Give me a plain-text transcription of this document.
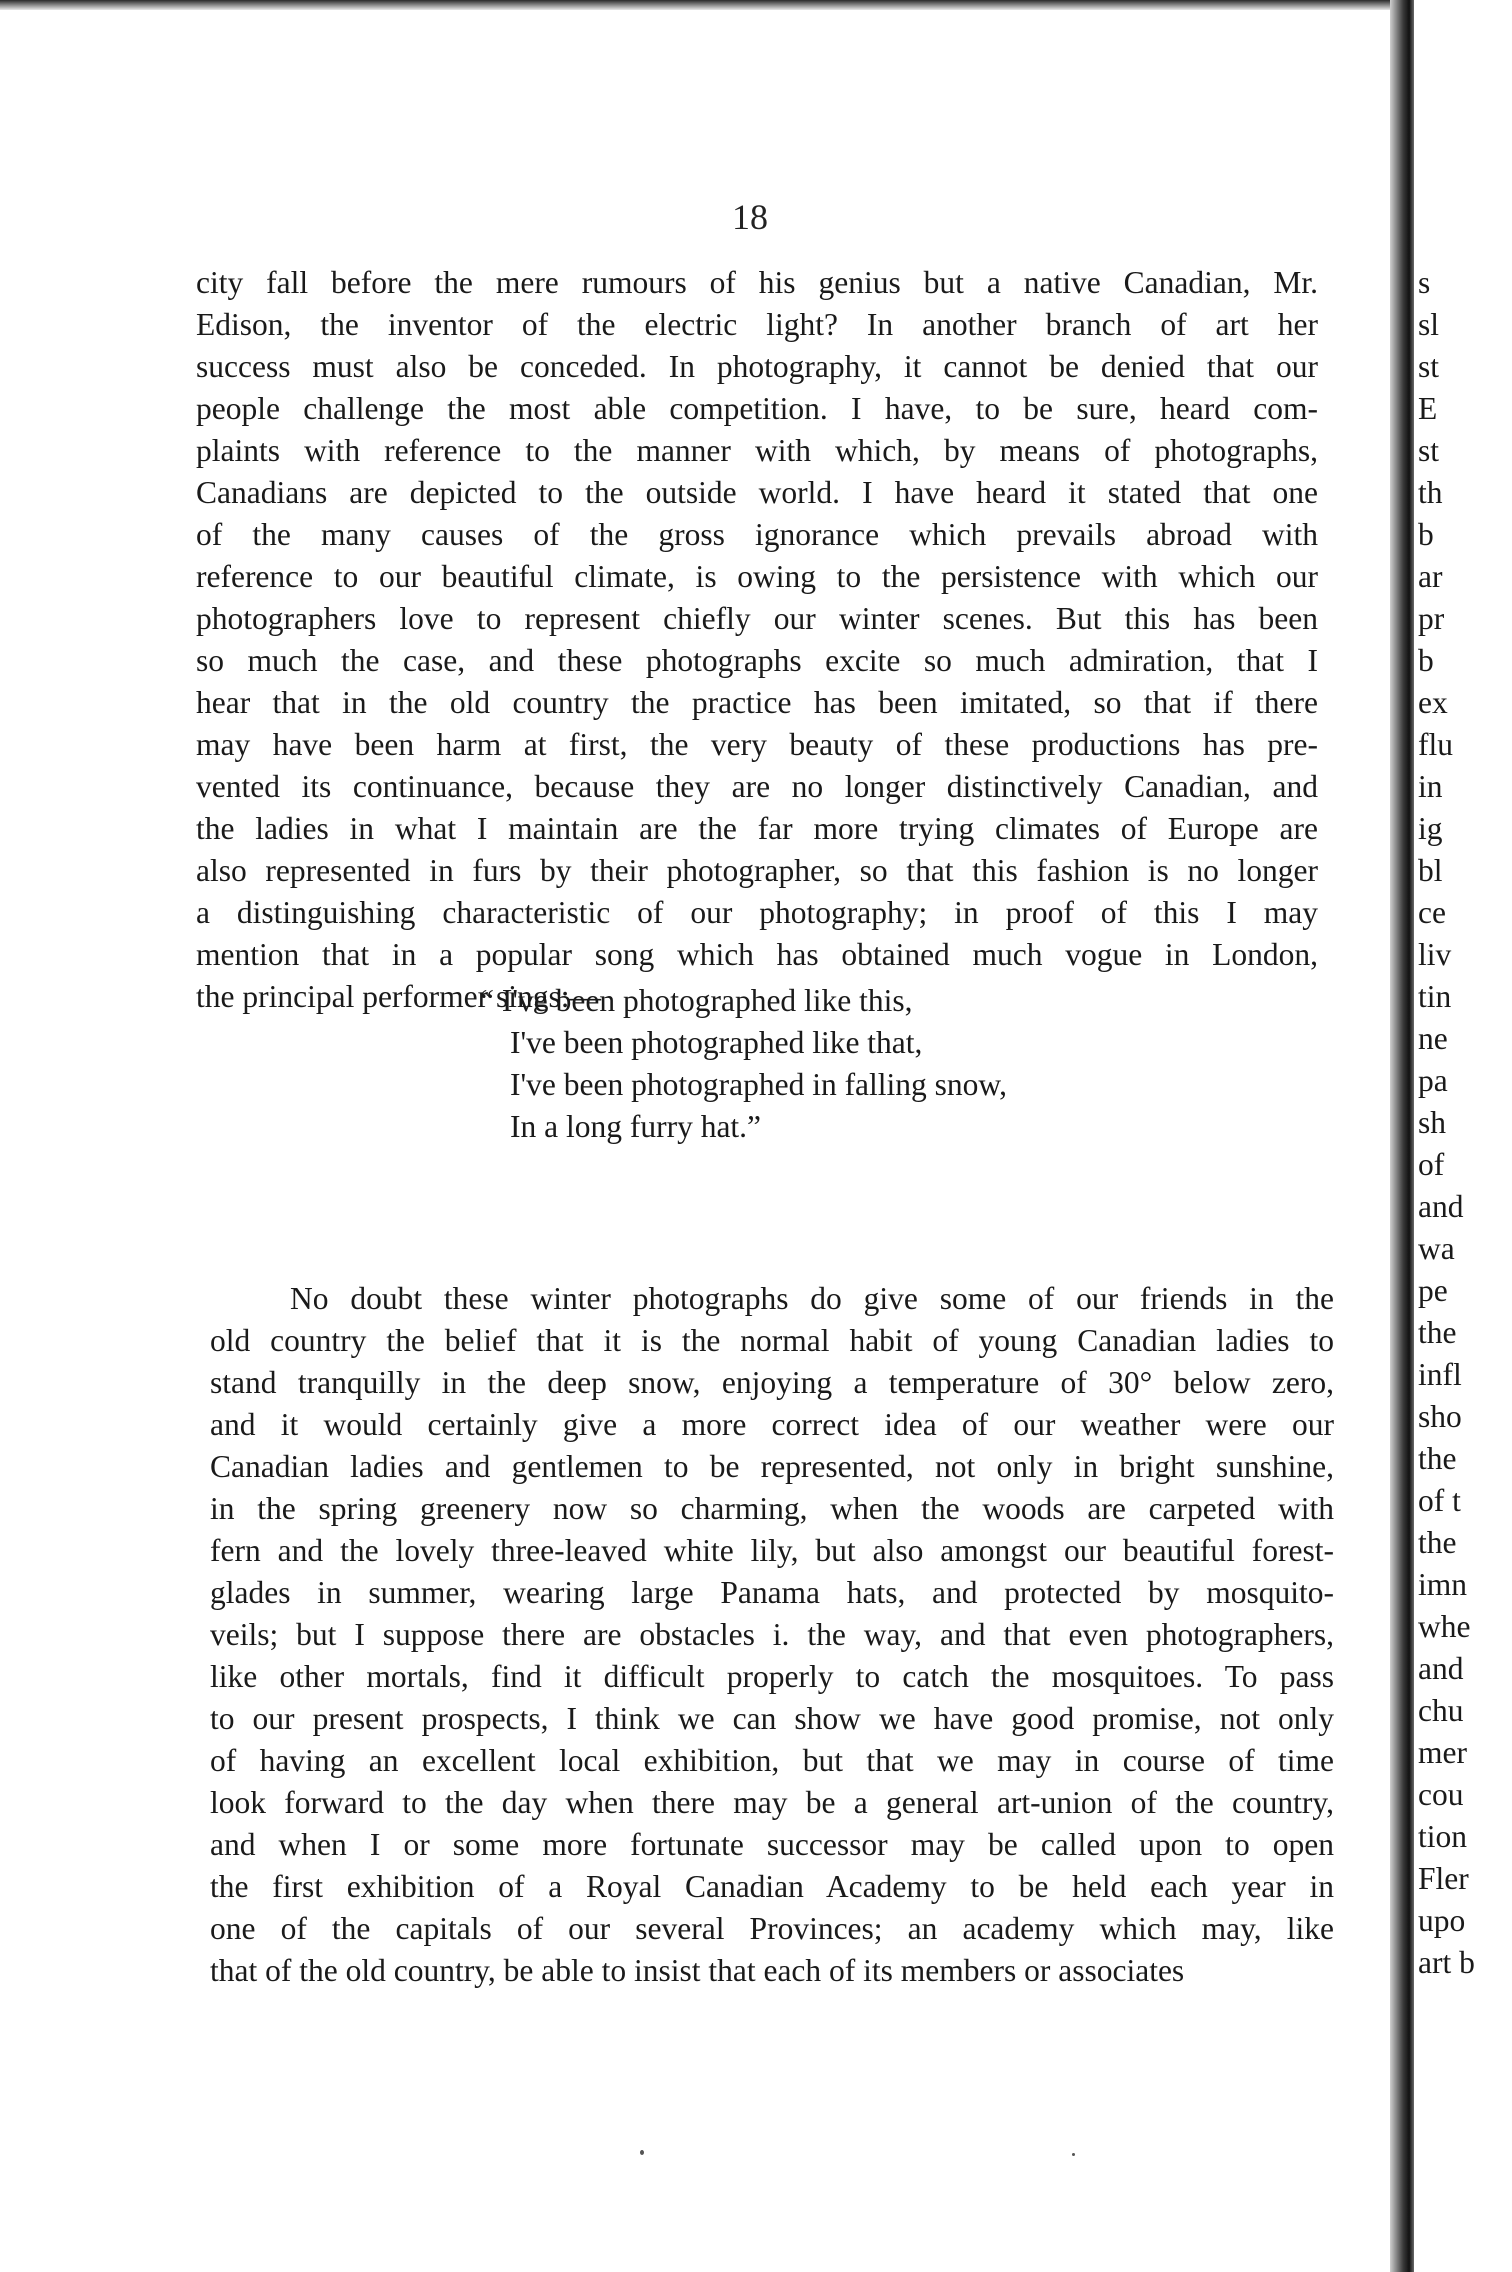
18
city fall before the mere rumours of his genius but a native Canadian, Mr.
Edison, the inventor of the electric light? In another branch of art her
success must also be conceded. In photography, it cannot be denied that our
people challenge the most able competition. I have, to be sure, heard com-
plaints with reference to the manner with which, by means of photographs,
Canadians are depicted to the outside world. I have heard it stated that one
of the many causes of the gross ignorance which prevails abroad with
reference to our beautiful climate, is owing to the persistence with which our
photographers love to represent chiefly our winter scenes. But this has been
so much the case, and these photographs excite so much admiration, that I
hear that in the old country the practice has been imitated, so that if there
may have been harm at first, the very beauty of these productions has pre-
vented its continuance, because they are no longer distinctively Canadian, and
the ladies in what I maintain are the far more trying climates of Europe are
also represented in furs by their photographer, so that this fashion is no longer
a distinguishing characteristic of our photography; in proof of this I may
mention that in a popular song which has obtained much vogue in London,
the principal performer sings:—
“ I've been photographed like this,
I've been photographed like that,
I've been photographed in falling snow,
In a long furry hat.”
No doubt these winter photographs do give some of our friends in the
old country the belief that it is the normal habit of young Canadian ladies to
stand tranquilly in the deep snow, enjoying a temperature of 30° below zero,
and it would certainly give a more correct idea of our weather were our
Canadian ladies and gentlemen to be represented, not only in bright sunshine,
in the spring greenery now so charming, when the woods are carpeted with
fern and the lovely three-leaved white lily, but also amongst our beautiful forest-
glades in summer, wearing large Panama hats, and protected by mosquito-
veils; but I suppose there are obstacles i. the way, and that even photographers,
like other mortals, find it difficult properly to catch the mosquitoes. To pass
to our present prospects, I think we can show we have good promise, not only
of having an excellent local exhibition, but that we may in course of time
look forward to the day when there may be a general art-union of the country,
and when I or some more fortunate successor may be called upon to open
the first exhibition of a Royal Canadian Academy to be held each year in
one of the capitals of our several Provinces; an academy which may, like
that of the old country, be able to insist that each of its members or associates
s
sl
st
E
st
th
b
ar
pr
b
ex
flu
in
ig
bl
ce
liv
tin
ne
pa
sh
of
and
wa
pe
the
infl
sho
the
of t
the
imn
whe
and
chu
mer
cou
tion
Fler
upo
art b
